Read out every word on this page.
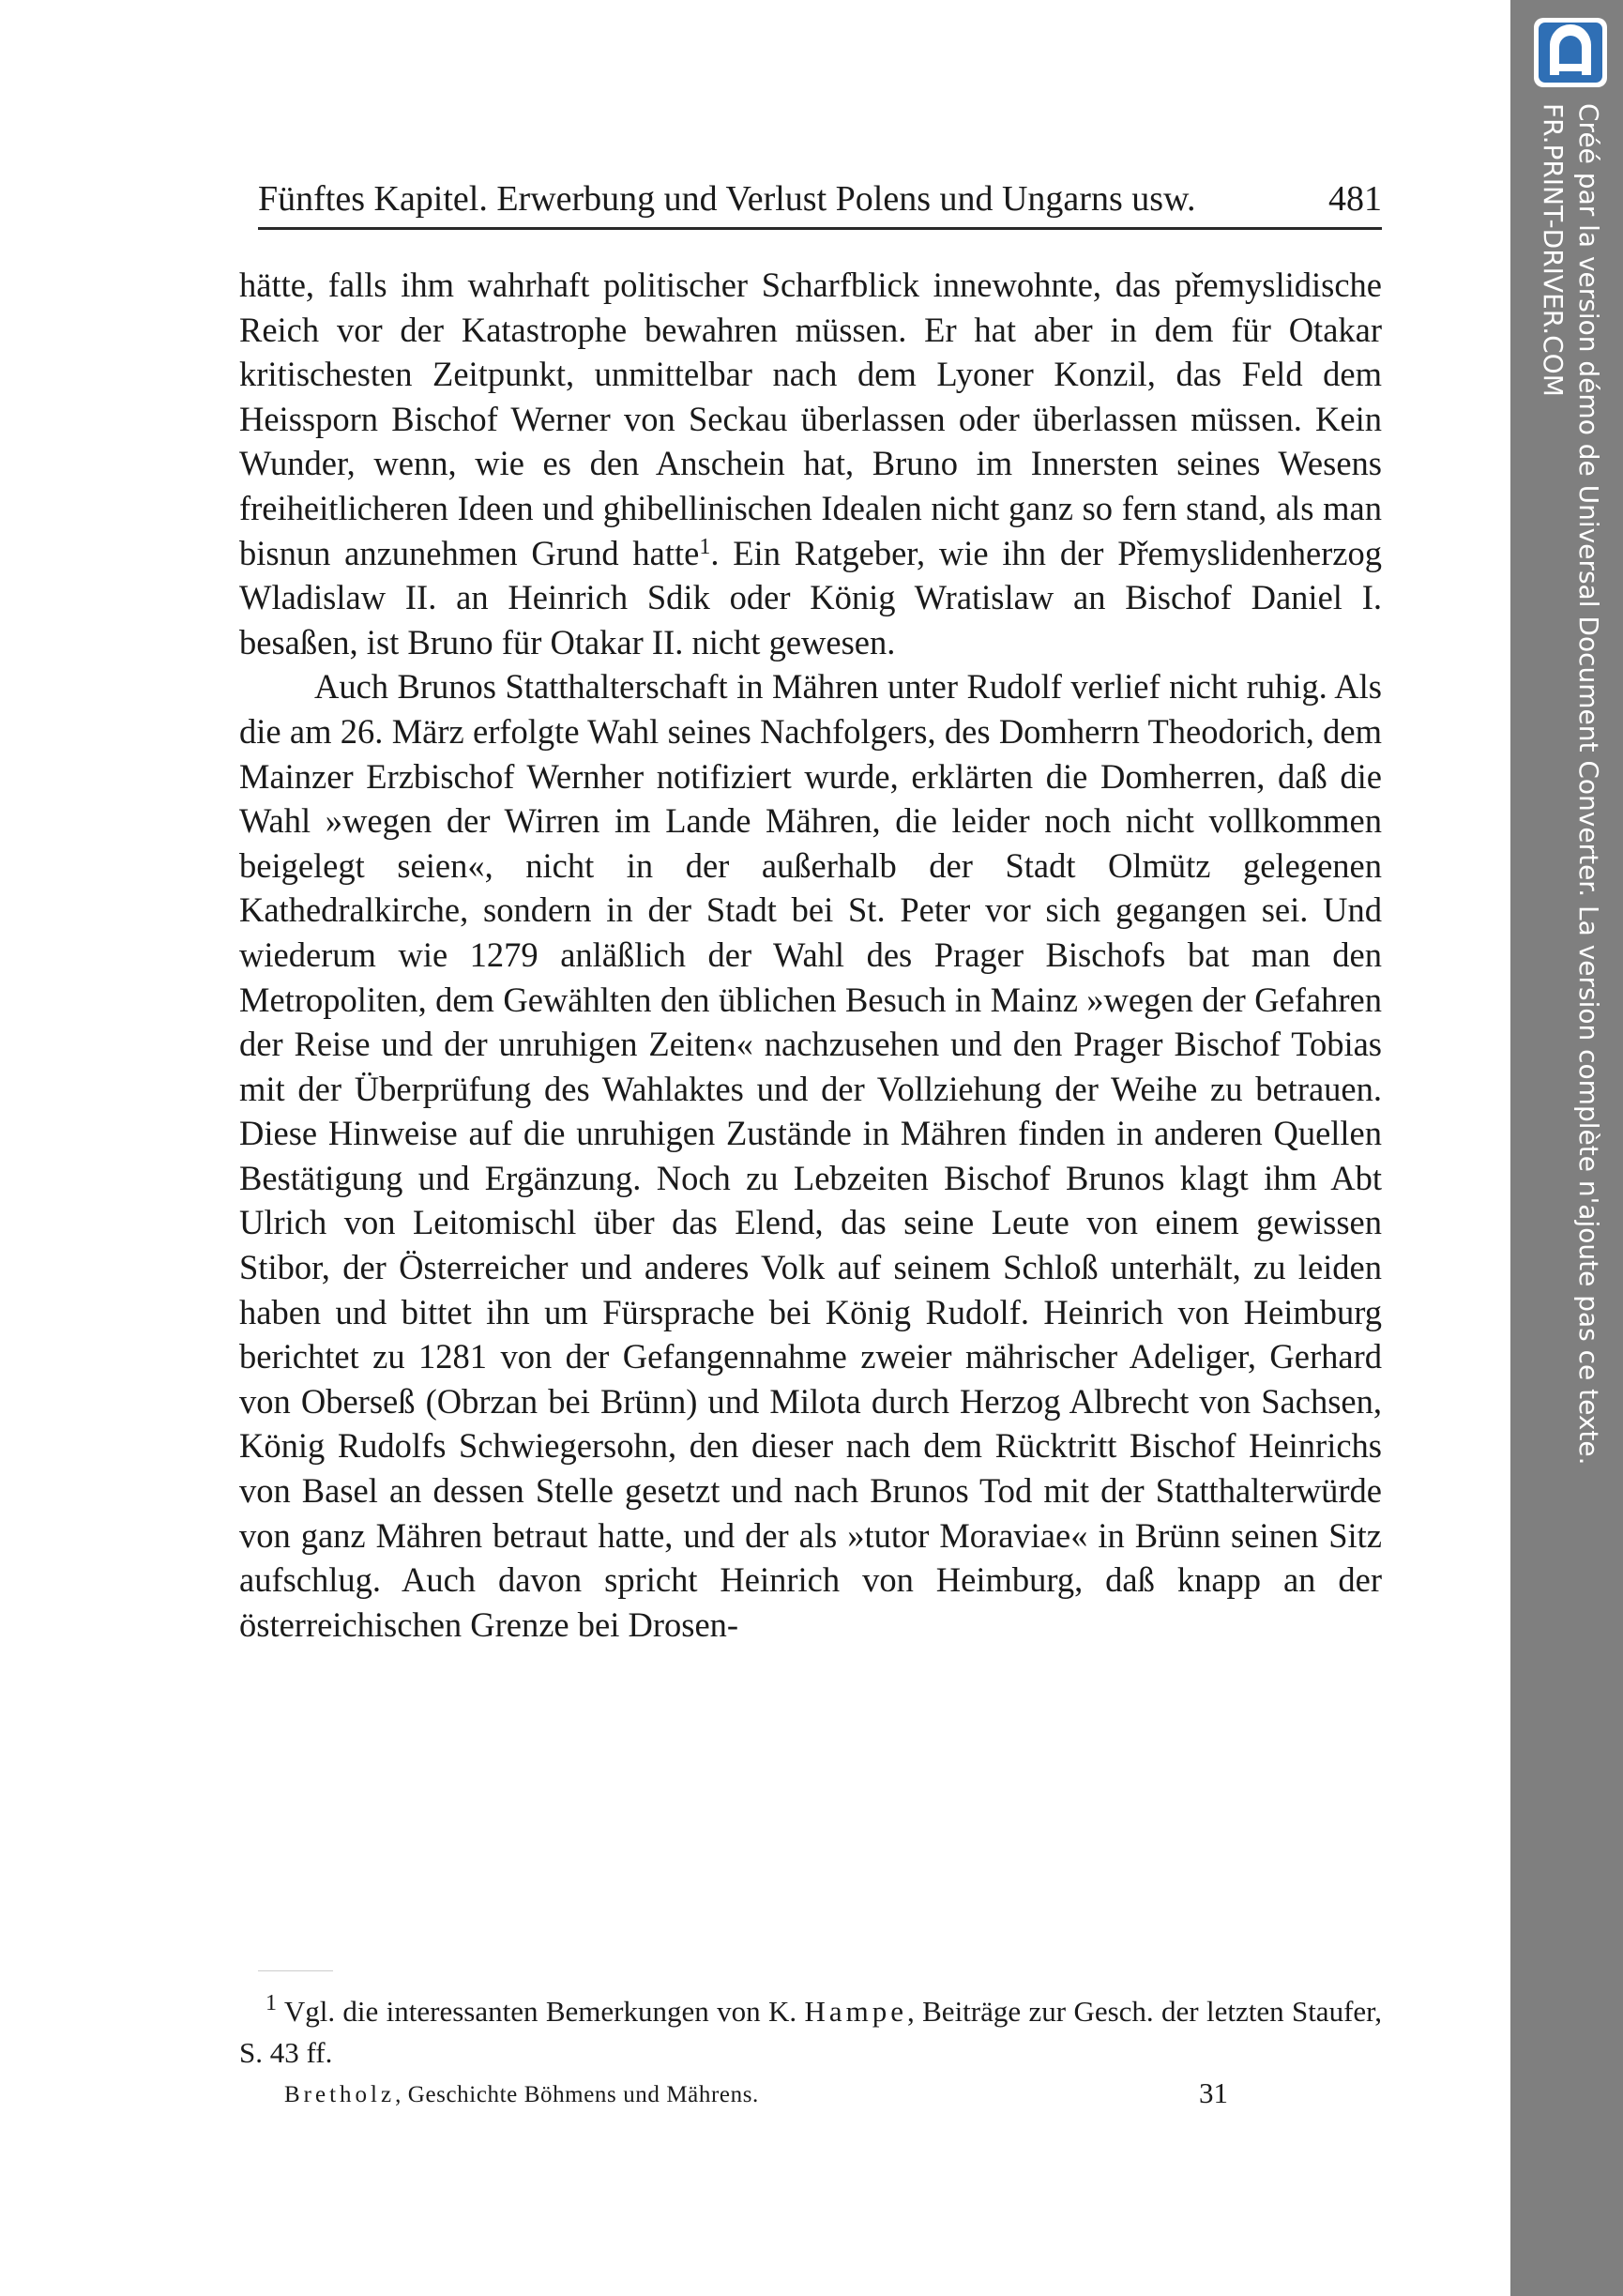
Fünftes Kapitel. Erwerbung und Verlust Polens und Ungarns usw.	481

hätte, falls ihm wahrhaft politischer Scharfblick innewohnte, das přemyslidische Reich vor der Katastrophe bewahren müssen. Er hat aber in dem für Otakar kritischesten Zeitpunkt, unmittelbar nach dem Lyoner Konzil, das Feld dem Heissporn Bischof Werner von Seckau überlassen oder überlassen müssen. Kein Wunder, wenn, wie es den Anschein hat, Bruno im Innersten seines Wesens freiheitlicheren Ideen und ghibellinischen Idealen nicht ganz so fern stand, als man bisnun anzunehmen Grund hatte$^1$. Ein Ratgeber, wie ihn der Přemyslidenherzog Wladislaw II. an Heinrich Sdik oder König Wratislaw an Bischof Daniel I. besaßen, ist Bruno für Otakar II. nicht gewesen.

Auch Brunos Statthalterschaft in Mähren unter Rudolf verlief nicht ruhig. Als die am 26. März erfolgte Wahl seines Nachfolgers, des Domherrn Theodorich, dem Mainzer Erzbischof Wernher notifiziert wurde, erklärten die Domherren, daß die Wahl »wegen der Wirren im Lande Mähren, die leider noch nicht vollkommen beigelegt seien«, nicht in der außerhalb der Stadt Olmütz gelegenen Kathedralkirche, sondern in der Stadt bei St. Peter vor sich gegangen sei. Und wiederum wie 1279 anläßlich der Wahl des Prager Bischofs bat man den Metropoliten, dem Gewählten den üblichen Besuch in Mainz »wegen der Gefahren der Reise und der unruhigen Zeiten« nachzusehen und den Prager Bischof Tobias mit der Überprüfung des Wahlaktes und der Vollziehung der Weihe zu betrauen. Diese Hinweise auf die unruhigen Zustände in Mähren finden in anderen Quellen Bestätigung und Ergänzung. Noch zu Lebzeiten Bischof Brunos klagt ihm Abt Ulrich von Leitomischl über das Elend, das seine Leute von einem gewissen Stibor, der Österreicher und anderes Volk auf seinem Schloß unterhält, zu leiden haben und bittet ihn um Fürsprache bei König Rudolf. Heinrich von Heimburg berichtet zu 1281 von der Gefangennahme zweier mährischer Adeliger, Gerhard von Oberseß (Obrzan bei Brünn) und Milota durch Herzog Albrecht von Sachsen, König Rudolfs Schwiegersohn, den dieser nach dem Rücktritt Bischof Heinrichs von Basel an dessen Stelle gesetzt und nach Brunos Tod mit der Statthalterwürde von ganz Mähren betraut hatte, und der als »tutor Moraviae« in Brünn seinen Sitz aufschlug. Auch davon spricht Heinrich von Heimburg, daß knapp an der österreichischen Grenze bei Drosen-

$^1$ Vgl. die interessanten Bemerkungen von K. Hampe, Beiträge zur Gesch. der letzten Staufer, S. 43 ff.

Bretholz, Geschichte Böhmens und Mährens.	31
Créé par la version démo de Universal Document Converter. La version complète n'ajoute pas ce texte.
FR.PRINT-DRIVER.COM
